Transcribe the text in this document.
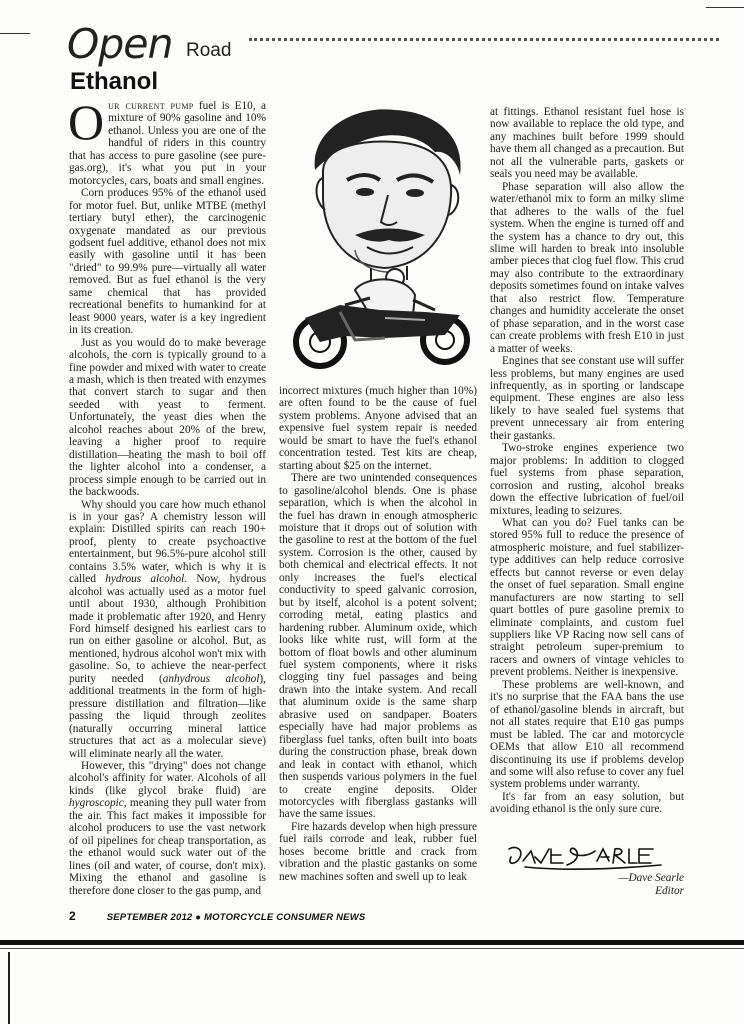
Open Road
Ethanol

Our current pump fuel is E10, a mixture of 90% gasoline and 10% ethanol. Unless you are one of the handful of riders in this country that has access to pure gasoline (see pure-gas.org), it's what you put in your motorcycles, cars, boats and small engines.

Corn produces 95% of the ethanol used for motor fuel. But, unlike MTBE (methyl tertiary butyl ether), the carcinogenic oxygenate mandated as our previous godsent fuel additive, ethanol does not mix easily with gasoline until it has been "dried" to 99.9% pure—virtually all water removed. But as fuel ethanol is the very same chemical that has provided recreational benefits to humankind for at least 9000 years, water is a key ingredient in its creation.

Just as you would do to make beverage alcohols, the corn is typically ground to a fine powder and mixed with water to create a mash, which is then treated with enzymes that convert starch to sugar and then seeded with yeast to ferment. Unfortunately, the yeast dies when the alcohol reaches about 20% of the brew, leaving a higher proof to require distillation—heating the mash to boil off the lighter alcohol into a condenser, a process simple enough to be carried out in the backwoods.

Why should you care how much ethanol is in your gas? A chemistry lesson will explain: Distilled spirits can reach 190+ proof, plenty to create psychoactive entertainment, but 96.5%-pure alcohol still contains 3.5% water, which is why it is called hydrous alcohol. Now, hydrous alcohol was actually used as a motor fuel until about 1930, although Prohibition made it problematic after 1920, and Henry Ford himself designed his earliest cars to run on either gasoline or alcohol. But, as mentioned, hydrous alcohol won't mix with gasoline. So, to achieve the near-perfect purity needed (anhydrous alcohol), additional treatments in the form of high-pressure distillation and filtration—like passing the liquid through zeolites (naturally occurring mineral lattice structures that act as a molecular sieve) will eliminate nearly all the water.

However, this "drying" does not change alcohol's affinity for water. Alcohols of all kinds (like glycol brake fluid) are hygroscopic, meaning they pull water from the air. This fact makes it impossible for alcohol producers to use the vast network of oil pipelines for cheap transportation, as the ethanol would suck water out of the lines (oil and water, of course, don't mix). Mixing the ethanol and gasoline is therefore done closer to the gas pump, and

incorrect mixtures (much higher than 10%) are often found to be the cause of fuel system problems. Anyone advised that an expensive fuel system repair is needed would be smart to have the fuel's ethanol concentration tested. Test kits are cheap, starting about $25 on the internet.

There are two unintended consequences to gasoline/alcohol blends. One is phase separation, which is when the alcohol in the fuel has drawn in enough atmospheric moisture that it drops out of solution with the gasoline to rest at the bottom of the fuel system. Corrosion is the other, caused by both chemical and electrical effects. It not only increases the fuel's electical conductivity to speed galvanic corrosion, but by itself, alcohol is a potent solvent; corroding metal, eating plastics and hardening rubber. Aluminum oxide, which looks like white rust, will form at the bottom of float bowls and other aluminum fuel system components, where it risks clogging tiny fuel passages and being drawn into the intake system. And recall that aluminum oxide is the same sharp abrasive used on sandpaper. Boaters especially have had major problems as fiberglass fuel tanks, often built into boats during the construction phase, break down and leak in contact with ethanol, which then suspends various polymers in the fuel to create engine deposits. Older motorcycles with fiberglass gastanks will have the same issues.

Fire hazards develop when high pressure fuel rails corrode and leak, rubber fuel hoses become brittle and crack from vibration and the plastic gastanks on some new machines soften and swell up to leak

at fittings. Ethanol resistant fuel hose is now available to replace the old type, and any machines built before 1999 should have them all changed as a precaution. But not all the vulnerable parts, gaskets or seals you need may be available.

Phase separation will also allow the water/ethanol mix to form an milky slime that adheres to the walls of the fuel system. When the engine is turned off and the system has a chance to dry out, this slime will harden to break into insoluble amber pieces that clog fuel flow. This crud may also contribute to the extraordinary deposits sometimes found on intake valves that also restrict flow. Temperature changes and humidity accelerate the onset of phase separation, and in the worst case can create problems with fresh E10 in just a matter of weeks.

Engines that see constant use will suffer less problems, but many engines are used infrequently, as in sporting or landscape equipment. These engines are also less likely to have sealed fuel systems that prevent unnecessary air from entering their gastanks.

Two-stroke engines experience two major problems: In addition to clogged fuel systems from phase separation, corrosion and rusting, alcohol breaks down the effective lubrication of fuel/oil mixtures, leading to seizures.

What can you do? Fuel tanks can be stored 95% full to reduce the presence of atmospheric moisture, and fuel stabilizer-type additives can help reduce corrosive effects but cannot reverse or even delay the onset of fuel separation. Small engine manufacturers are now starting to sell quart bottles of pure gasoline premix to eliminate complaints, and custom fuel suppliers like VP Racing now sell cans of straight petroleum super-premium to racers and owners of vintage vehicles to prevent problems. Neither is inexpensive.

These problems are well-known, and it's no surprise that the FAA bans the use of ethanol/gasoline blends in aircraft, but not all states require that E10 gas pumps must be labled. The car and motorcycle OEMs that allow E10 all recommend discontinuing its use if problems develop and some will also refuse to cover any fuel system problems under warranty.

It's far from an easy solution, but avoiding ethanol is the only sure cure.

—Dave Searle
Editor
2	SEPTEMBER 2012 ● MOTORCYCLE CONSUMER NEWS
